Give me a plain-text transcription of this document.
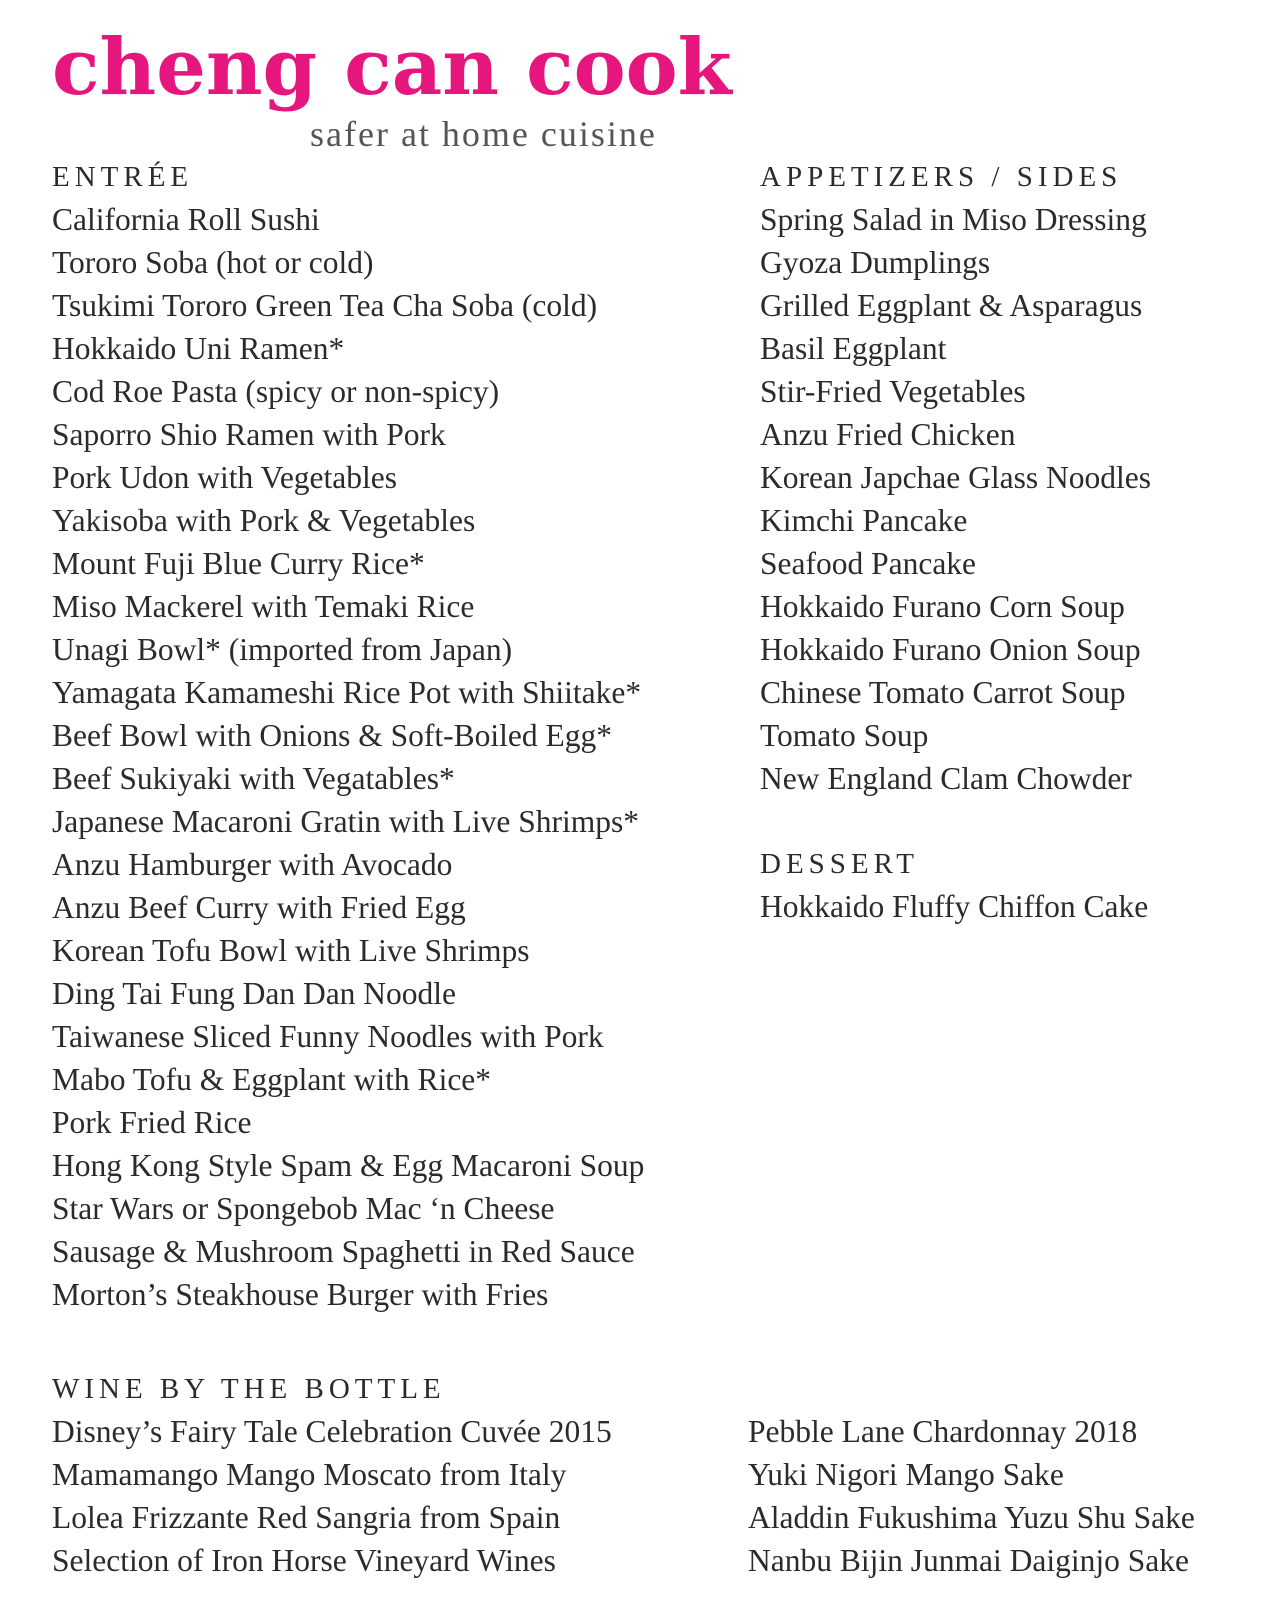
cheng can cook
safer at home cuisine
ENTRÉE
California Roll Sushi
Tororo Soba (hot or cold)
Tsukimi Tororo Green Tea Cha Soba (cold)
Hokkaido Uni Ramen*
Cod Roe Pasta (spicy or non-spicy)
Saporro Shio Ramen with Pork
Pork Udon with Vegetables
Yakisoba with Pork & Vegetables
Mount Fuji Blue Curry Rice*
Miso Mackerel with Temaki Rice
Unagi Bowl* (imported from Japan)
Yamagata Kamameshi Rice Pot with Shiitake*
Beef Bowl with Onions & Soft-Boiled Egg*
Beef Sukiyaki with Vegatables*
Japanese Macaroni Gratin with Live Shrimps*
Anzu Hamburger with Avocado
Anzu Beef Curry with Fried Egg
Korean Tofu Bowl with Live Shrimps
Ding Tai Fung Dan Dan Noodle
Taiwanese Sliced Funny Noodles with Pork
Mabo Tofu & Eggplant with Rice*
Pork Fried Rice
Hong Kong Style Spam & Egg Macaroni Soup
Star Wars or Spongebob Mac ‘n Cheese
Sausage & Mushroom Spaghetti in Red Sauce
Morton’s Steakhouse Burger with Fries
APPETIZERS / SIDES
Spring Salad in Miso Dressing
Gyoza Dumplings
Grilled Eggplant & Asparagus
Basil Eggplant
Stir-Fried Vegetables
Anzu Fried Chicken
Korean Japchae Glass Noodles
Kimchi Pancake
Seafood Pancake
Hokkaido Furano Corn Soup
Hokkaido Furano Onion Soup
Chinese Tomato Carrot Soup
Tomato Soup
New England Clam Chowder
DESSERT
Hokkaido Fluffy Chiffon Cake
WINE BY THE BOTTLE
Disney’s Fairy Tale Celebration Cuvée 2015
Mamamango Mango Moscato from Italy
Lolea Frizzante Red Sangria from Spain
Selection of Iron Horse Vineyard Wines
Pebble Lane Chardonnay 2018
Yuki Nigori Mango Sake
Aladdin Fukushima Yuzu Shu Sake
Nanbu Bijin Junmai Daiginjo Sake
